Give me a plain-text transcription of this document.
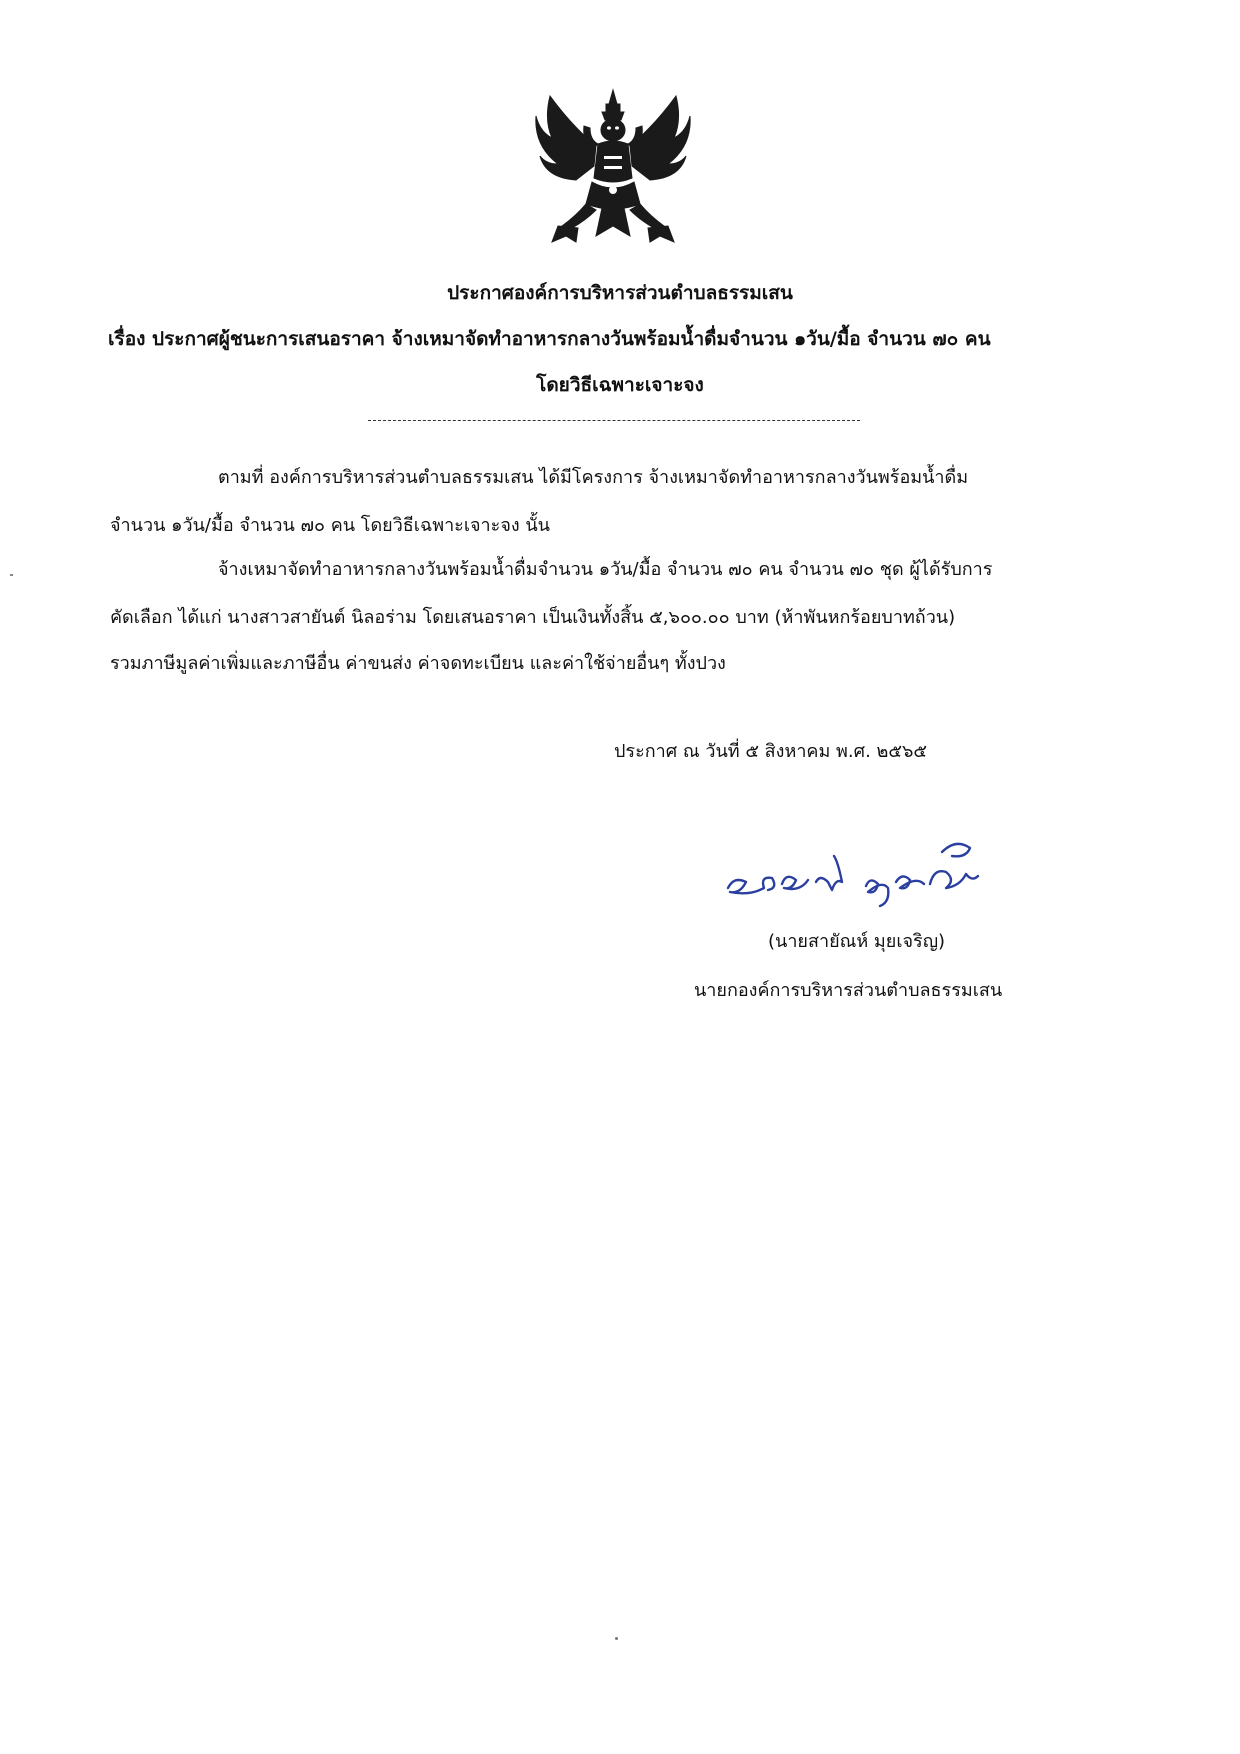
ประกาศองค์การบริหารส่วนตำบลธรรมเสน
เรื่อง ประกาศผู้ชนะการเสนอราคา จ้างเหมาจัดทำอาหารกลางวันพร้อมน้ำดื่มจำนวน ๑วัน/มื้อ จำนวน ๗๐ คน
โดยวิธีเฉพาะเจาะจง
ตามที่ องค์การบริหารส่วนตำบลธรรมเสน ได้มีโครงการ จ้างเหมาจัดทำอาหารกลางวันพร้อมน้ำดื่ม
จำนวน ๑วัน/มื้อ จำนวน ๗๐ คน โดยวิธีเฉพาะเจาะจง นั้น
จ้างเหมาจัดทำอาหารกลางวันพร้อมน้ำดื่มจำนวน ๑วัน/มื้อ จำนวน ๗๐ คน จำนวน ๗๐ ชุด ผู้ได้รับการ
คัดเลือก ได้แก่ นางสาวสายันต์ นิลอร่าม โดยเสนอราคา เป็นเงินทั้งสิ้น ๕,๖๐๐.๐๐ บาท (ห้าพันหกร้อยบาทถ้วน)
รวมภาษีมูลค่าเพิ่มและภาษีอื่น ค่าขนส่ง ค่าจดทะเบียน และค่าใช้จ่ายอื่นๆ ทั้งปวง
ประกาศ ณ วันที่ ๕ สิงหาคม พ.ศ. ๒๕๖๕
(นายสายัณห์ มุยเจริญ)
นายกองค์การบริหารส่วนตำบลธรรมเสน
